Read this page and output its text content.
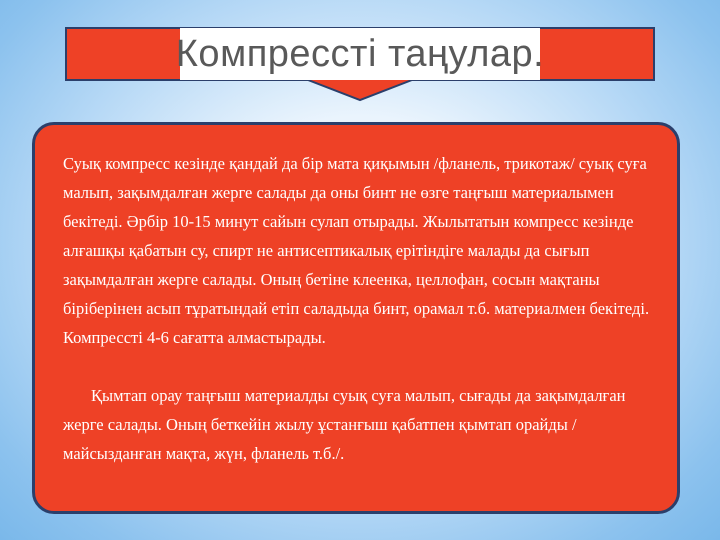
Компрессті таңулар.

Суық компресс кезінде қандай да бір мата қиқымын /фланель, трикотаж/ суық суға малып, зақымдалған жерге салады да оны бинт не өзге таңғыш материалымен бекітеді. Әрбір 10-15 минут сайын сулап отырады. Жылытатын компресс кезінде алғашқы қабатын су, спирт не антисептикалық ерітіндіге малады да сығып зақымдалған жерге салады. Оның бетіне клеенка, целлофан, сосын мақтаны біріберінен асып тұратындай етіп саладыда бинт, орамал т.б. материалмен бекітеді. Компрессті 4-6 сағатта алмастырады.

Қымтап орау таңғыш материалды суық суға малып, сығады да зақымдалған жерге салады. Оның беткейін жылу ұстанғыш қабатпен қымтап орайды / майсызданған мақта, жүн, фланель т.б./.
